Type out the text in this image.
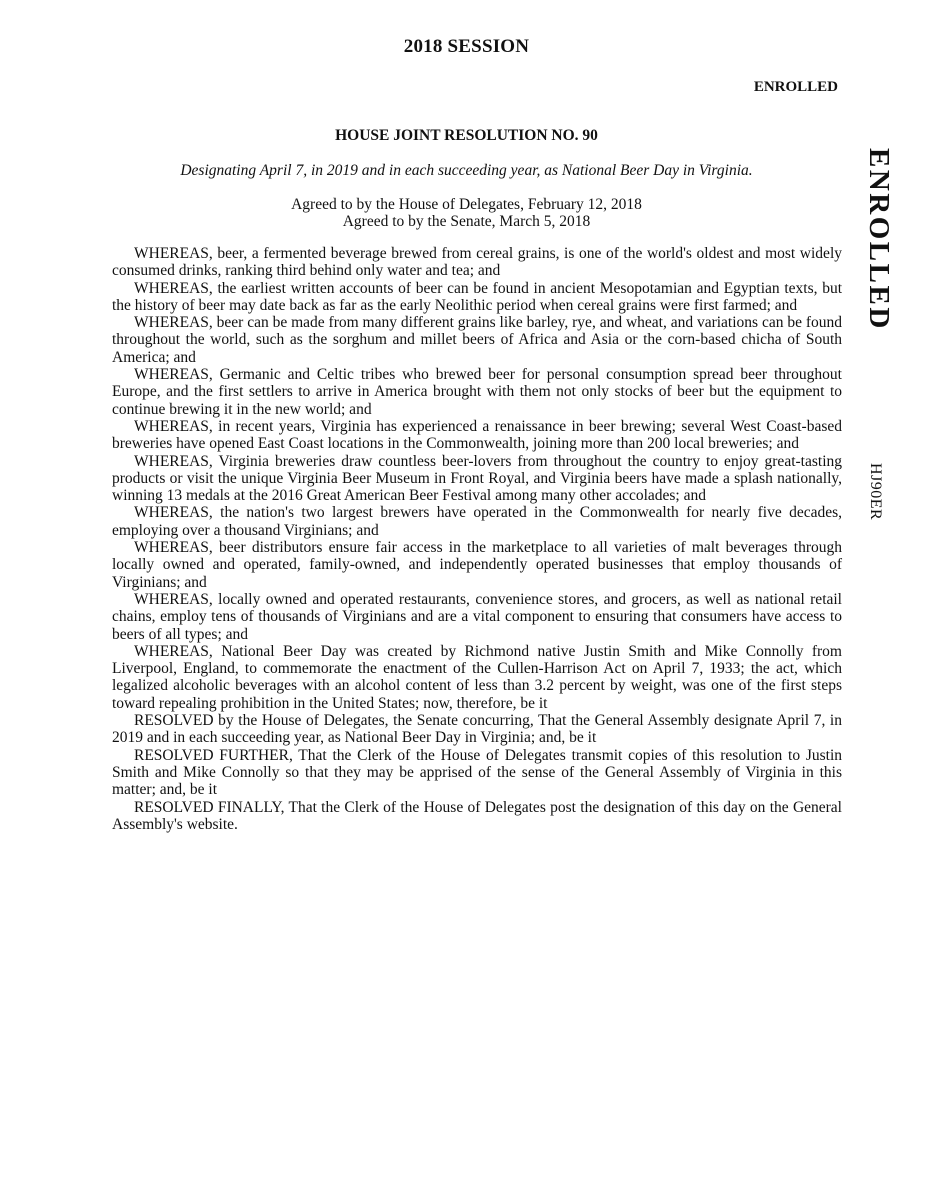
2018 SESSION
ENROLLED
HOUSE JOINT RESOLUTION NO. 90
Designating April 7, in 2019 and in each succeeding year, as National Beer Day in Virginia.
Agreed to by the House of Delegates, February 12, 2018
Agreed to by the Senate, March 5, 2018

WHEREAS, beer, a fermented beverage brewed from cereal grains, is one of the world's oldest and most widely consumed drinks, ranking third behind only water and tea; and

WHEREAS, the earliest written accounts of beer can be found in ancient Mesopotamian and Egyptian texts, but the history of beer may date back as far as the early Neolithic period when cereal grains were first farmed; and

WHEREAS, beer can be made from many different grains like barley, rye, and wheat, and variations can be found throughout the world, such as the sorghum and millet beers of Africa and Asia or the corn-based chicha of South America; and

WHEREAS, Germanic and Celtic tribes who brewed beer for personal consumption spread beer throughout Europe, and the first settlers to arrive in America brought with them not only stocks of beer but the equipment to continue brewing it in the new world; and

WHEREAS, in recent years, Virginia has experienced a renaissance in beer brewing; several West Coast-based breweries have opened East Coast locations in the Commonwealth, joining more than 200 local breweries; and

WHEREAS, Virginia breweries draw countless beer-lovers from throughout the country to enjoy great-tasting products or visit the unique Virginia Beer Museum in Front Royal, and Virginia beers have made a splash nationally, winning 13 medals at the 2016 Great American Beer Festival among many other accolades; and

WHEREAS, the nation's two largest brewers have operated in the Commonwealth for nearly five decades, employing over a thousand Virginians; and

WHEREAS, beer distributors ensure fair access in the marketplace to all varieties of malt beverages through locally owned and operated, family-owned, and independently operated businesses that employ thousands of Virginians; and

WHEREAS, locally owned and operated restaurants, convenience stores, and grocers, as well as national retail chains, employ tens of thousands of Virginians and are a vital component to ensuring that consumers have access to beers of all types; and

WHEREAS, National Beer Day was created by Richmond native Justin Smith and Mike Connolly from Liverpool, England, to commemorate the enactment of the Cullen-Harrison Act on April 7, 1933; the act, which legalized alcoholic beverages with an alcohol content of less than 3.2 percent by weight, was one of the first steps toward repealing prohibition in the United States; now, therefore, be it

RESOLVED by the House of Delegates, the Senate concurring, That the General Assembly designate April 7, in 2019 and in each succeeding year, as National Beer Day in Virginia; and, be it

RESOLVED FURTHER, That the Clerk of the House of Delegates transmit copies of this resolution to Justin Smith and Mike Connolly so that they may be apprised of the sense of the General Assembly of Virginia in this matter; and, be it

RESOLVED FINALLY, That the Clerk of the House of Delegates post the designation of this day on the General Assembly's website.

ENROLLED
HJ90ER
